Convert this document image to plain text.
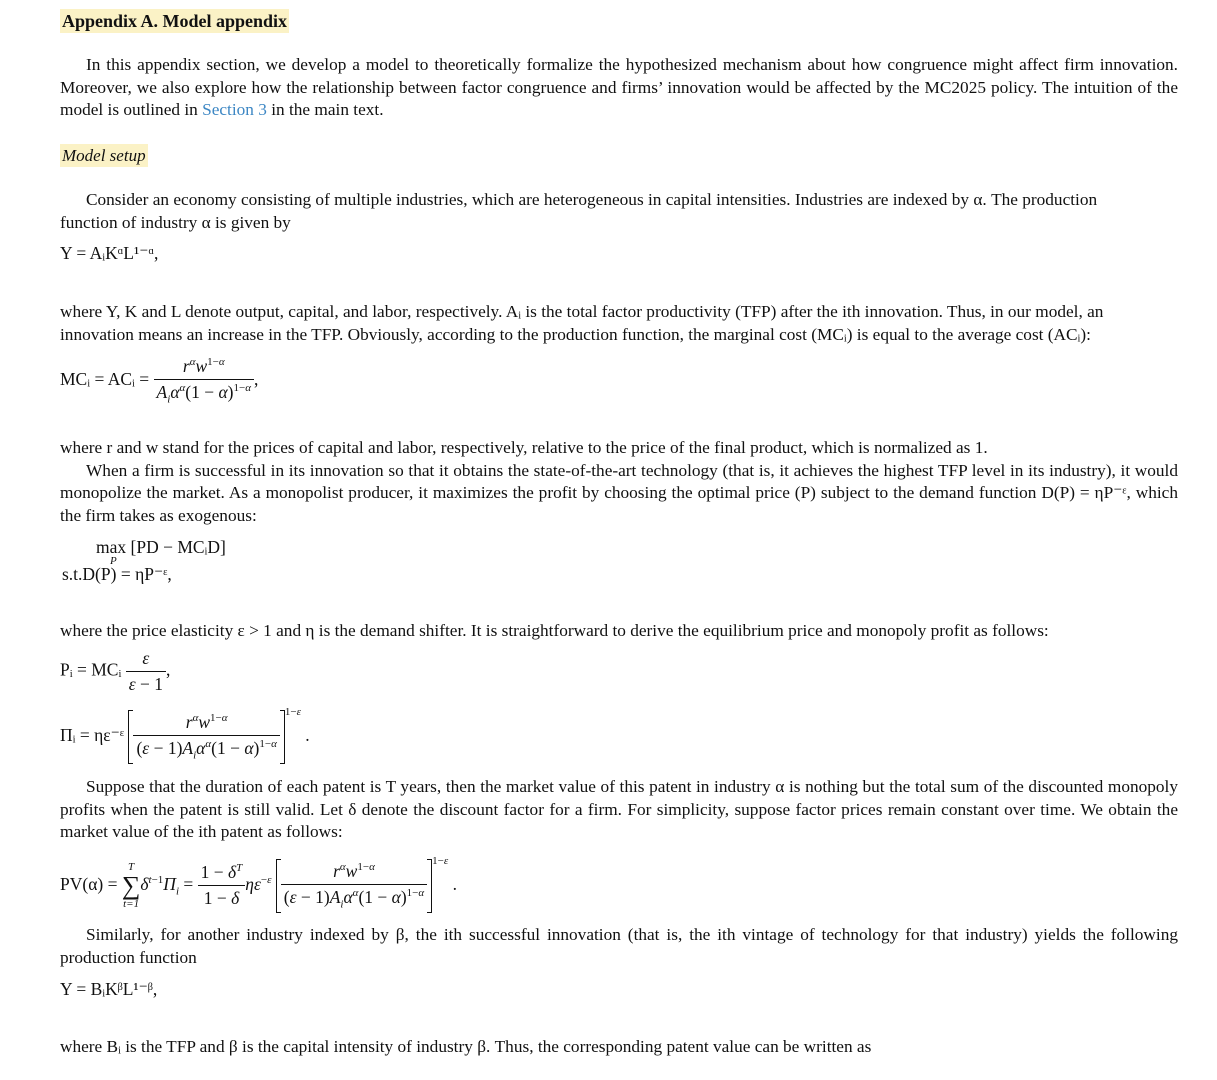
Appendix A. Model appendix

In this appendix section, we develop a model to theoretically formalize the hypothesized mechanism about how congruence might affect firm innovation. Moreover, we also explore how the relationship between factor congruence and firms’ innovation would be affected by the MC2025 policy. The intuition of the model is outlined in Section 3 in the main text.

Model setup

Consider an economy consisting of multiple industries, which are heterogeneous in capital intensities. Industries are indexed by α. The production

function of industry α is given by

Y = AᵢKᵅL¹⁻ᵅ,

where Y, K and L denote output, capital, and labor, respectively. Aᵢ is the total factor productivity (TFP) after the ith innovation. Thus, in our model, an

innovation means an increase in the TFP. Obviously, according to the production function, the marginal cost (MCᵢ) is equal to the average cost (ACᵢ):

MCᵢ = ACᵢ = $\frac{r^\alpha w^{1-\alpha}}{A_i\alpha^\alpha(1 - \alpha)^{1-\alpha}}$ ,

where r and w stand for the prices of capital and labor, respectively, relative to the price of the final product, which is normalized as 1.

When a firm is successful in its innovation so that it obtains the state-of-the-art technology (that is, it achieves the highest TFP level in its industry), it would monopolize the market. As a monopolist producer, it maximizes the profit by choosing the optimal price (P) subject to the demand function D(P) = ηP⁻ᵋ, which the firm takes as exogenous:

max [PD − MCᵢD]
P
s.t.D(P) = ηP⁻ᵋ,

where the price elasticity ε > 1 and η is the demand shifter. It is straightforward to derive the equilibrium price and monopoly profit as follows:

Pᵢ = MCᵢ $\frac{\varepsilon}{\varepsilon - 1}$ ,
Πᵢ = ηε⁻ᵋ $\frac{r^\alpha w^{1-\alpha}}{(\varepsilon - 1)A_i\alpha^\alpha(1 - \alpha)^{1-\alpha}}$
$^{1-\varepsilon}$ .

Suppose that the duration of each patent is T years, then the market value of this patent in industry α is nothing but the total sum of the discounted monopoly profits when the patent is still valid. Let δ denote the discount factor for a firm. For simplicity, suppose factor prices remain constant over time. We obtain the market value of the ith patent as follows:

PV(α) =
T
∑
t=1
$\delta^{t-1}\Pi_i = \frac{1 - \delta^T}{1 - \delta} \eta\varepsilon^{-\varepsilon} \frac{r^\alpha w^{1-\alpha}}{(\varepsilon - 1)A_i\alpha^\alpha(1 - \alpha)^{1-\alpha}}$
$^{1-\varepsilon}$ .

Similarly, for another industry indexed by β, the ith successful innovation (that is, the ith vintage of technology for that industry) yields the following production function

Y = BᵢKᵝL¹⁻ᵝ,

where Bᵢ is the TFP and β is the capital intensity of industry β. Thus, the corresponding patent value can be written as
